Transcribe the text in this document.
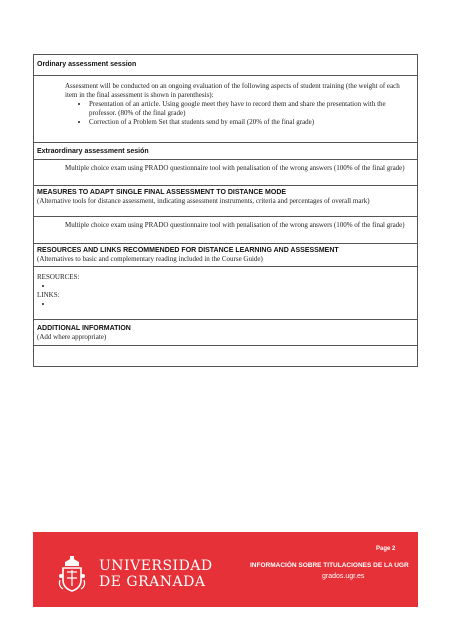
Ordinary assessment session
Assessment will be conducted on an ongoing evaluation of the following aspects of student training (the weight of each item in the final assessment is shown in parenthesis):
• Presentation of an article. Using google meet they have to record them and share the presentation with the professor. (80% of the final grade)
• Correction of a Problem Set that students send by email (20% of the final grade)
Extraordinary assessment sesión
Multiple choice exam using PRADO questionnaire tool with penalisation of the wrong answers (100% of the final grade)
MEASURES TO ADAPT SINGLE FINAL ASSESSMENT TO DISTANCE MODE
(Alternative tools for distance assessment, indicating assessment instruments, criteria and percentages of overall mark)
Multiple choice exam using PRADO questionnaire tool with penalisation of the wrong answers (100% of the final grade)
RESOURCES AND LINKS RECOMMENDED FOR DISTANCE LEARNING AND ASSESSMENT
(Alternatives to basic and complementary reading included in the Course Guide)
RESOURCES:
•
LINKS:
•
ADDITIONAL INFORMATION
(Add where appropriate)
UNIVERSIDAD
DE GRANADA
Page 2
INFORMACIÓN SOBRE TITULACIONES DE LA UGR
grados.ugr.es
